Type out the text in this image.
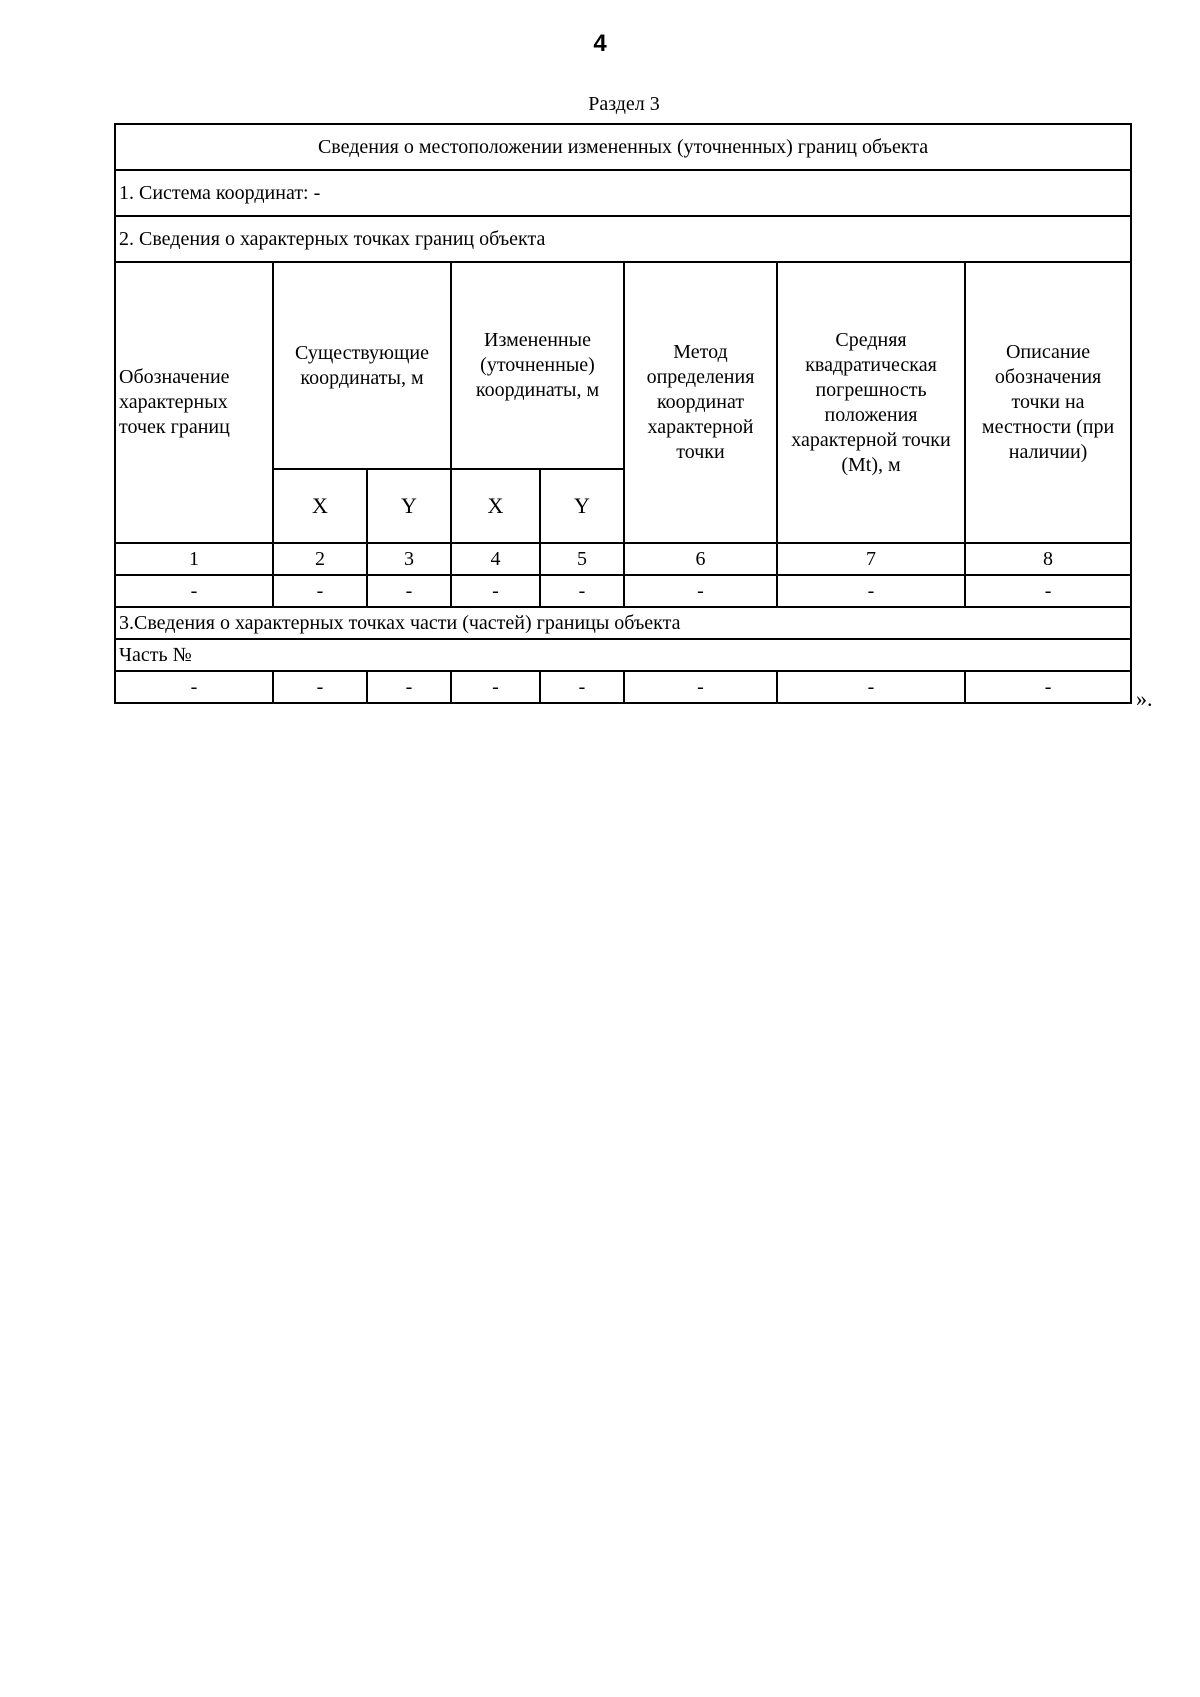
4
Раздел 3
Сведения о местоположении измененных (уточненных) границ объекта							
1. Система координат: -							
2. Сведения о характерных точках границ объекта							
Обозначение характерных точек границ	Существующие координаты, м		Измененные (уточненные) координаты, м		Метод определения координат характерной точки	Средняя квадратическая погрешность положения характерной точки (Mt), м	Описание обозначения точки на местности (при наличии)
	X	Y	X	Y			
1	2	3	4	5	6	7	8
-	-	-	-	-	-	-	-
3.Сведения о характерных точках части (частей) границы объекта							
Часть №							
-	-	-	-	-	-	-	-	».
